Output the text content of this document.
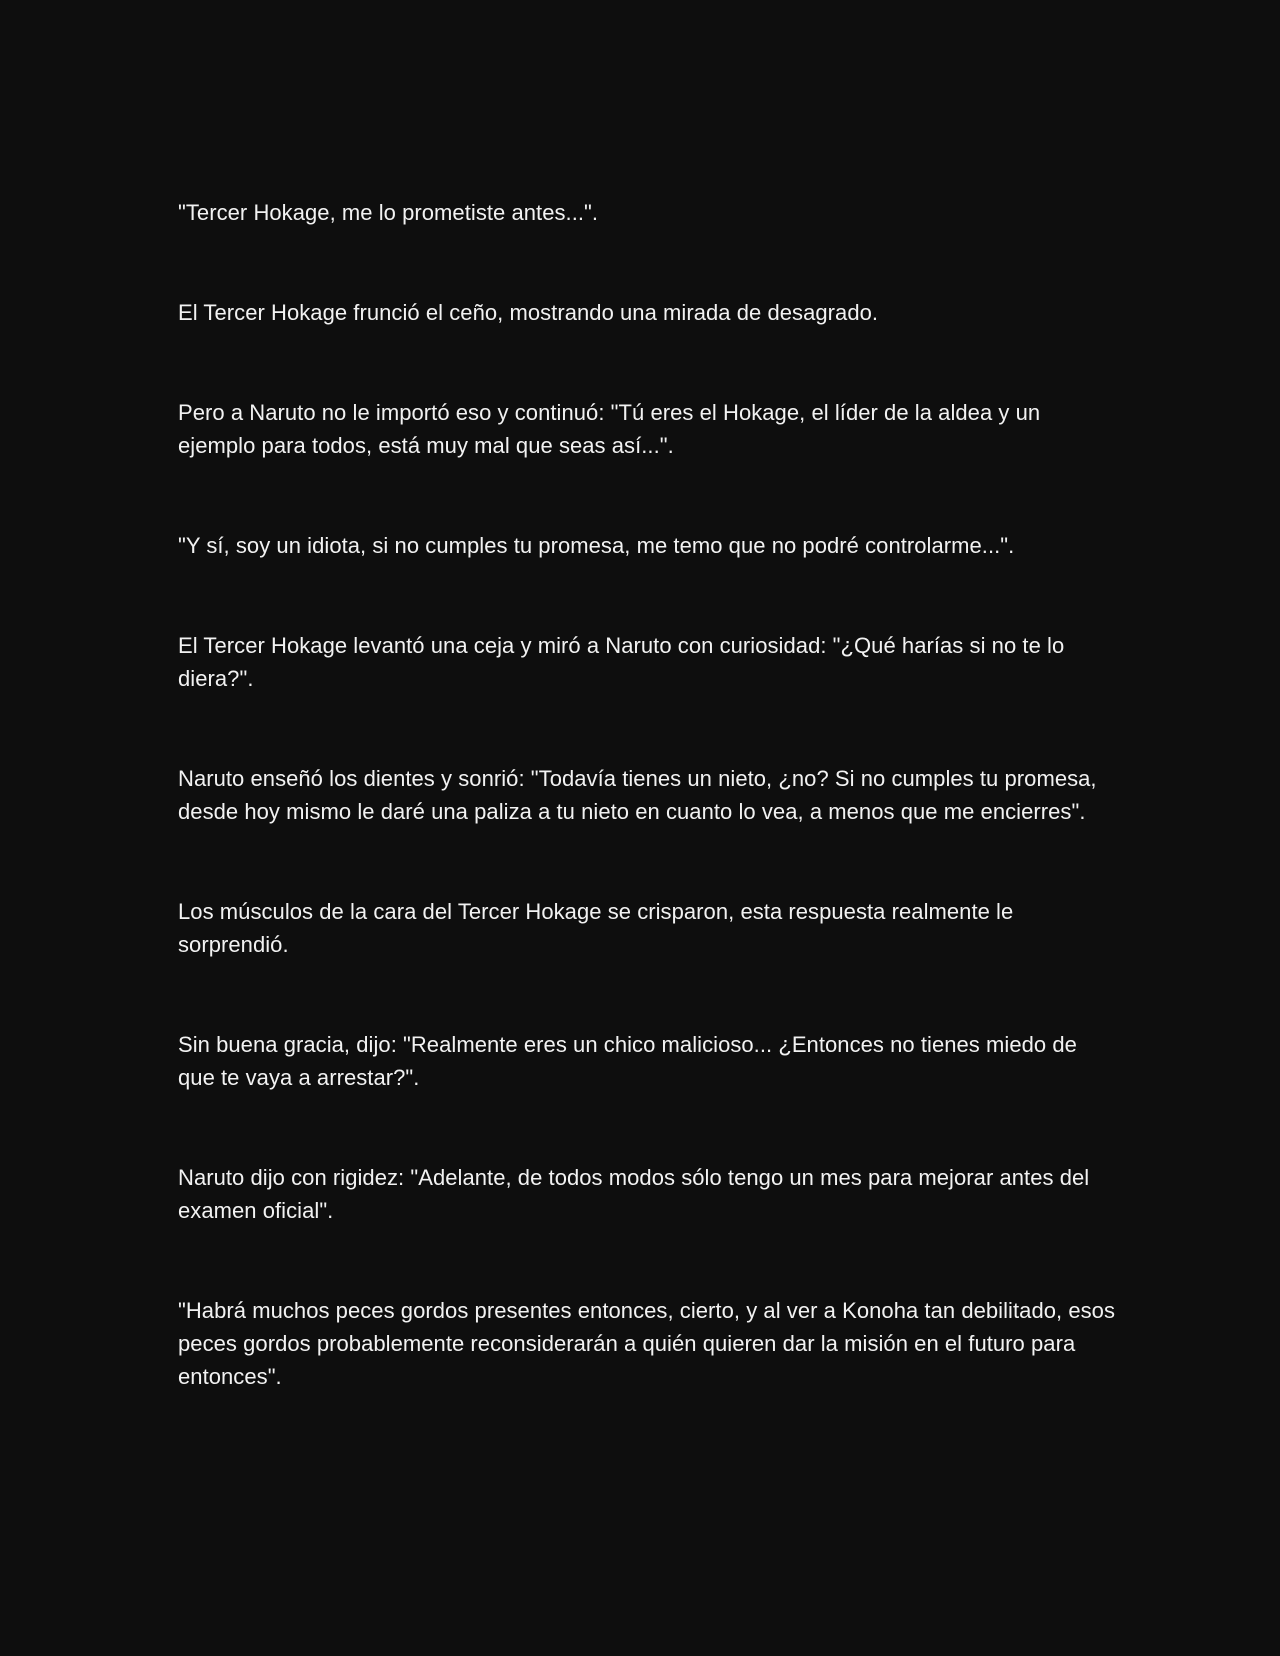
"Tercer Hokage, me lo prometiste antes...".

El Tercer Hokage frunció el ceño, mostrando una mirada de desagrado.

Pero a Naruto no le importó eso y continuó: "Tú eres el Hokage, el líder de la aldea y un ejemplo para todos, está muy mal que seas así...".

"Y sí, soy un idiota, si no cumples tu promesa, me temo que no podré controlarme...".

El Tercer Hokage levantó una ceja y miró a Naruto con curiosidad: "¿Qué harías si no te lo diera?".

Naruto enseñó los dientes y sonrió: "Todavía tienes un nieto, ¿no? Si no cumples tu promesa, desde hoy mismo le daré una paliza a tu nieto en cuanto lo vea, a menos que me encierres".

Los músculos de la cara del Tercer Hokage se crisparon, esta respuesta realmente le sorprendió.

Sin buena gracia, dijo: "Realmente eres un chico malicioso... ¿Entonces no tienes miedo de que te vaya a arrestar?".

Naruto dijo con rigidez: "Adelante, de todos modos sólo tengo un mes para mejorar antes del examen oficial".

"Habrá muchos peces gordos presentes entonces, cierto, y al ver a Konoha tan debilitado, esos peces gordos probablemente reconsiderarán a quién quieren dar la misión en el futuro para entonces".
